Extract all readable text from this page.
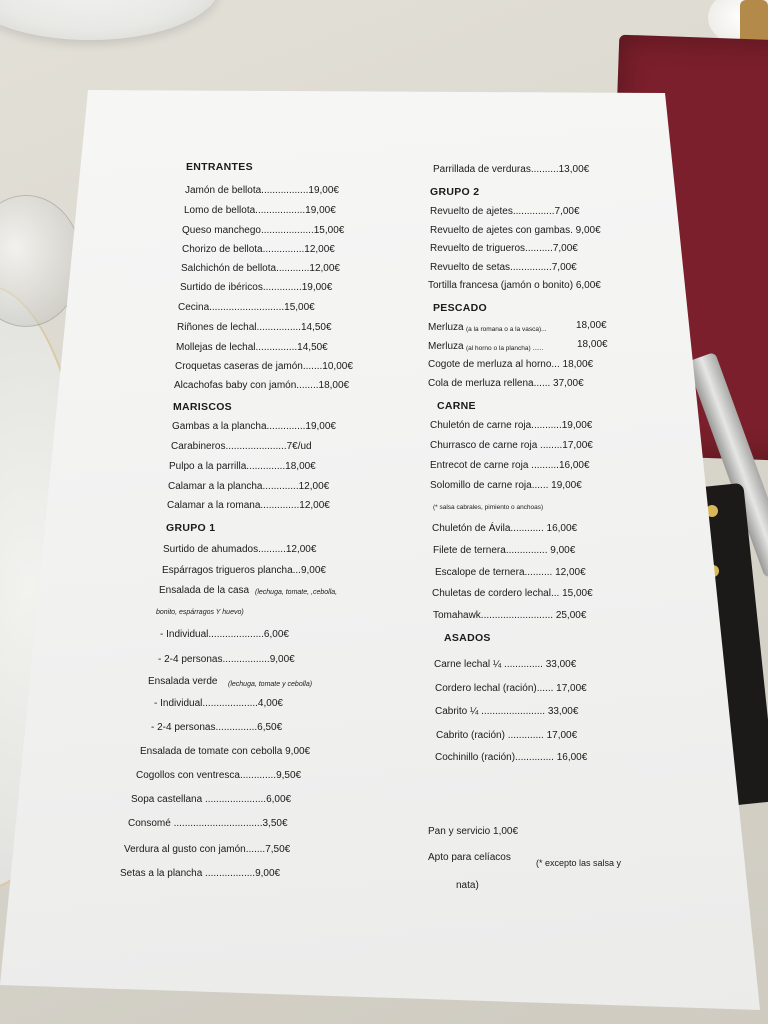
ENTRANTES
Jamón de bellota.................19,00€
Lomo de bellota..................19,00€
Queso manchego...................15,00€
Chorizo de bellota...............12,00€
Salchichón de bellota............12,00€
Surtido de ibéricos..............19,00€
Cecina...........................15,00€
Riñones de lechal................14,50€
Mollejas de lechal...............14,50€
Croquetas caseras de jamón.......10,00€
Alcachofas baby con jamón........18,00€
MARISCOS
Gambas a la plancha..............19,00€
Carabineros......................7€/ud
Pulpo a la parrilla..............18,00€
Calamar a la plancha.............12,00€
Calamar a la romana..............12,00€
GRUPO 1
Surtido de ahumados..........12,00€
Espárragos trigueros plancha...9,00€
Ensalada de la casa (lechuga, tomate, ,cebolla,
bonito, espárragos Y huevo)
- Individual....................6,00€
- 2-4 personas.................9,00€
Ensalada verde (lechuga, tomate y cebolla)
- Individual....................4,00€
- 2-4 personas...............6,50€
Ensalada de tomate con cebolla 9,00€
Cogollos con ventresca.............9,50€
Sopa castellana ......................6,00€
Consomé ................................3,50€
Verdura al gusto con jamón.......7,50€
Setas a la plancha ..................9,00€
Parrillada de verduras..........13,00€
GRUPO 2
Revuelto de ajetes...............7,00€
Revuelto de ajetes con gambas. 9,00€
Revuelto de trigueros..........7,00€
Revuelto de setas...............7,00€
Tortilla francesa (jamón o bonito) 6,00€
PESCADO
Merluza (a la romana o a la vasca)...	18,00€
Merluza (al horno o la plancha) ......	18,00€
Cogote de merluza al horno... 18,00€
Cola de merluza rellena...... 37,00€
CARNE
Chuletón de carne roja...........19,00€
Churrasco de carne roja ........17,00€
Entrecot de carne roja ..........16,00€
Solomillo de carne roja...... 19,00€
(* salsa cabrales, pimiento o anchoas)
Chuletón de Ávila............ 16,00€
Filete de ternera............... 9,00€
Escalope de ternera.......... 12,00€
Chuletas de cordero lechal... 15,00€
Tomahawk.......................... 25,00€
ASADOS
Carne lechal ¼ .............. 33,00€
Cordero lechal (ración)...... 17,00€
Cabrito ¼ ....................... 33,00€
Cabrito (ración) ............. 17,00€
Cochinillo (ración).............. 16,00€
Pan y servicio 1,00€
Apto para celíacos	(* excepto las salsa y
nata)
